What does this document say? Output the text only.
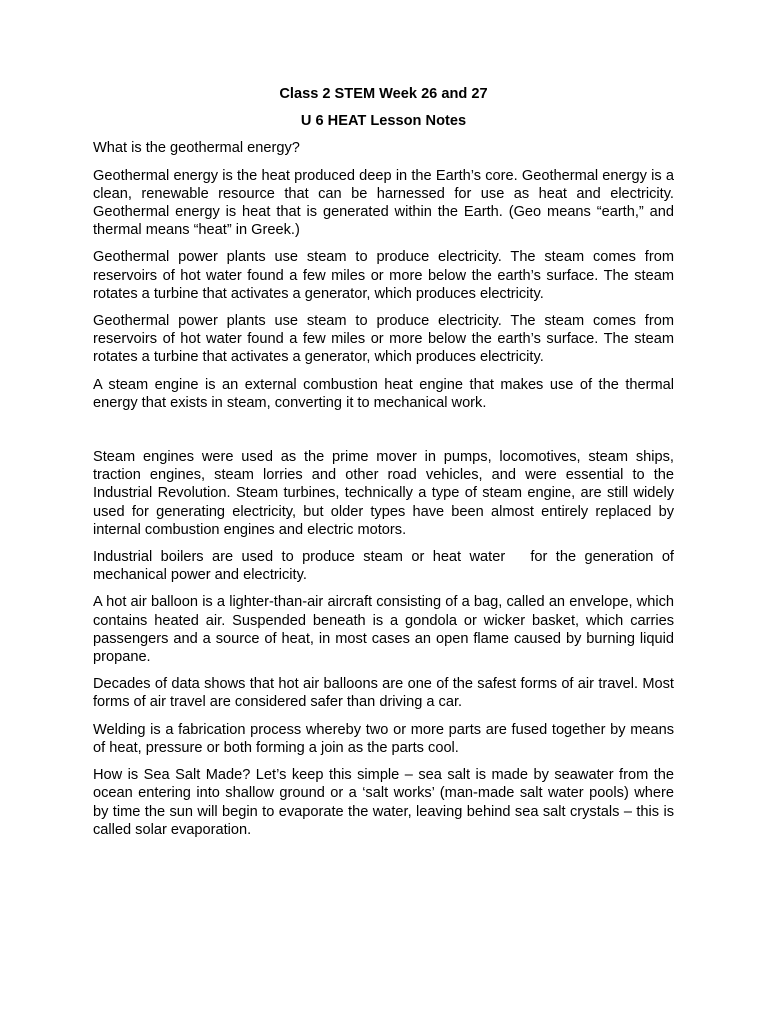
Class 2 STEM Week 26 and 27

U 6 HEAT Lesson Notes

What is the geothermal energy?

Geothermal energy is the heat produced deep in the Earth’s core. Geothermal energy is a clean, renewable resource that can be harnessed for use as heat and electricity. Geothermal energy is heat that is generated within the Earth. (Geo means “earth,” and thermal means “heat” in Greek.)

Geothermal power plants use steam to produce electricity. The steam comes from reservoirs of hot water found a few miles or more below the earth’s surface. The steam rotates a turbine that activates a generator, which produces electricity.

Geothermal power plants use steam to produce electricity. The steam comes from reservoirs of hot water found a few miles or more below the earth’s surface. The steam rotates a turbine that activates a generator, which produces electricity.

A steam engine is an external combustion heat engine that makes use of the thermal energy that exists in steam, converting it to mechanical work.

Steam engines were used as the prime mover in pumps, locomotives, steam ships, traction engines, steam lorries and other road vehicles, and were essential to the Industrial Revolution. Steam turbines, technically a type of steam engine, are still widely used for generating electricity, but older types have been almost entirely replaced by internal combustion engines and electric motors.

Industrial boilers are used to produce steam or heat water   for the generation of mechanical power and electricity.

A hot air balloon is a lighter-than-air aircraft consisting of a bag, called an envelope, which contains heated air. Suspended beneath is a gondola or wicker basket, which carries passengers and a source of heat, in most cases an open flame caused by burning liquid propane.

Decades of data shows that hot air balloons are one of the safest forms of air travel. Most forms of air travel are considered safer than driving a car.

Welding is a fabrication process whereby two or more parts are fused together by means of heat, pressure or both forming a join as the parts cool.

How is Sea Salt Made? Let’s keep this simple – sea salt is made by seawater from the ocean entering into shallow ground or a ‘salt works’ (man-made salt water pools) where by time the sun will begin to evaporate the water, leaving behind sea salt crystals – this is called solar evaporation.
